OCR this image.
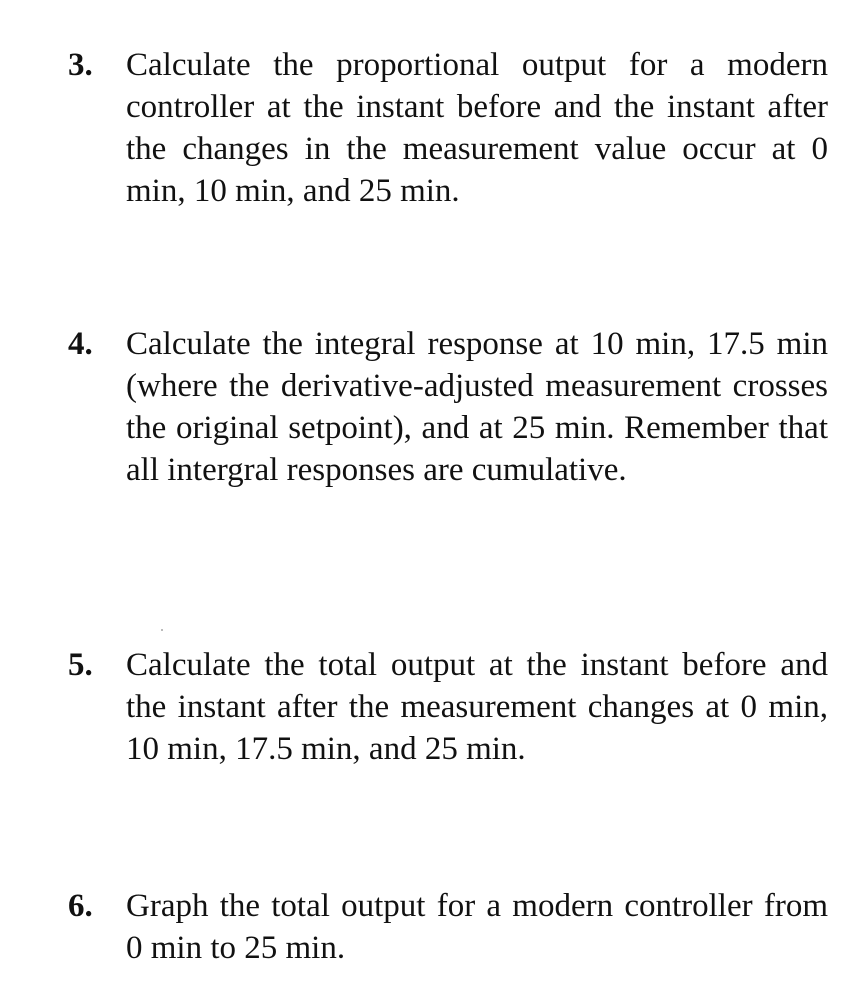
3.	Calculate the proportional output for a modern controller at the instant before and the instant after the changes in the measurement value occur at 0 min, 10 min, and 25 min.
4.	Calculate the integral response at 10 min, 17.5 min (where the derivative-adjusted measurement crosses the original setpoint), and at 25 min. Remember that all intergral responses are cumulative.
5.	Calculate the total output at the instant before and the instant after the measurement changes at 0 min, 10 min, 17.5 min, and 25 min.
6.	Graph the total output for a modern controller from 0 min to 25 min.
